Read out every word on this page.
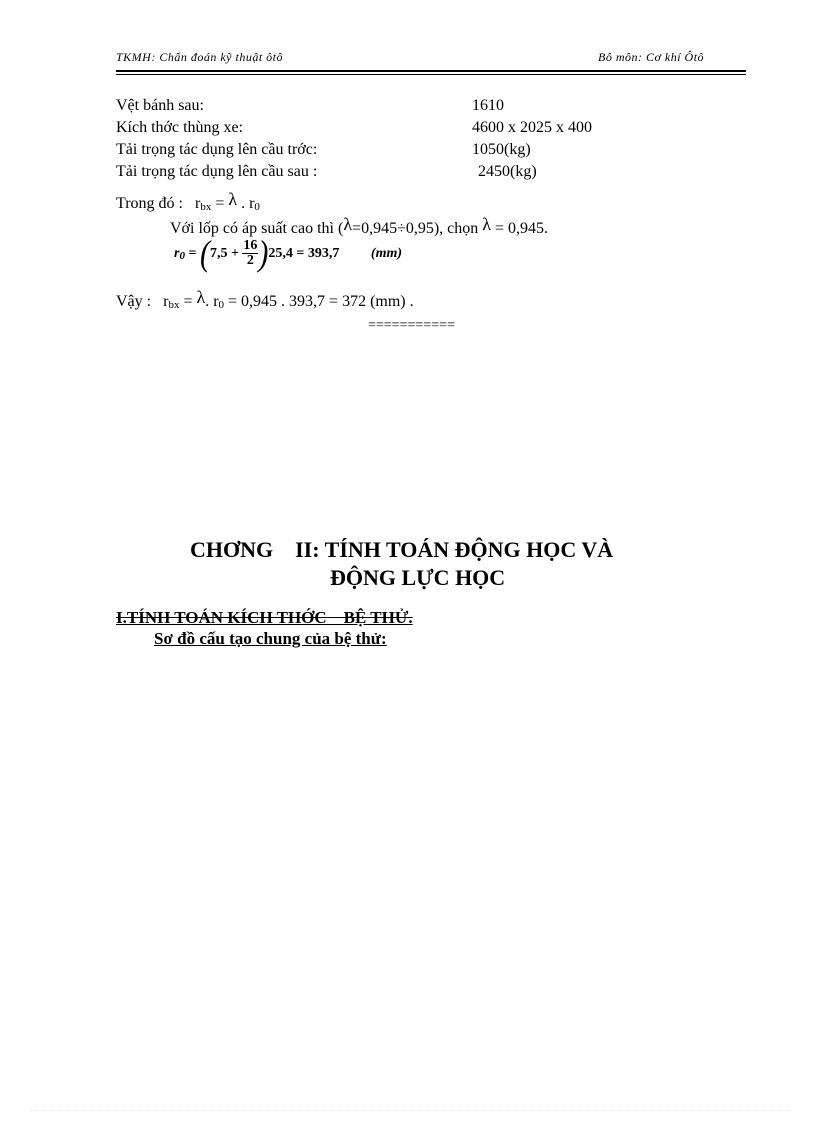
TKMH: Chẩn đoán kỹ thuật ôtô	Bô môn: Cơ khí Ôtô
Vệt bánh sau:	1610
Kích thớc thùng xe:	4600 x 2025 x 400
Tải trọng tác dụng lên cầu trớc:	1050(kg)
Tải trọng tác dụng lên cầu sau :	2450(kg)
Trong đó : rbx = λ . r0
Với lốp có áp suất cao thì (λ=0,945÷0,95), chọn λ = 0,945.
$r0 = (7,5 + \frac{16}{2} )25,4 = 393,7$ (mm)
Vậy : rbx = λ. r0 = 0,945 . 393,7 = 372 (mm) .
===========
CHƠNG    II: TÍNH TOÁN ĐỘNG HỌC VÀ
ĐỘNG LỰC HỌC
I.TÍNH TOÁN KÍCH THỚC    BỆ THỬ.
Sơ đồ cấu tạo chung của bệ thử:
